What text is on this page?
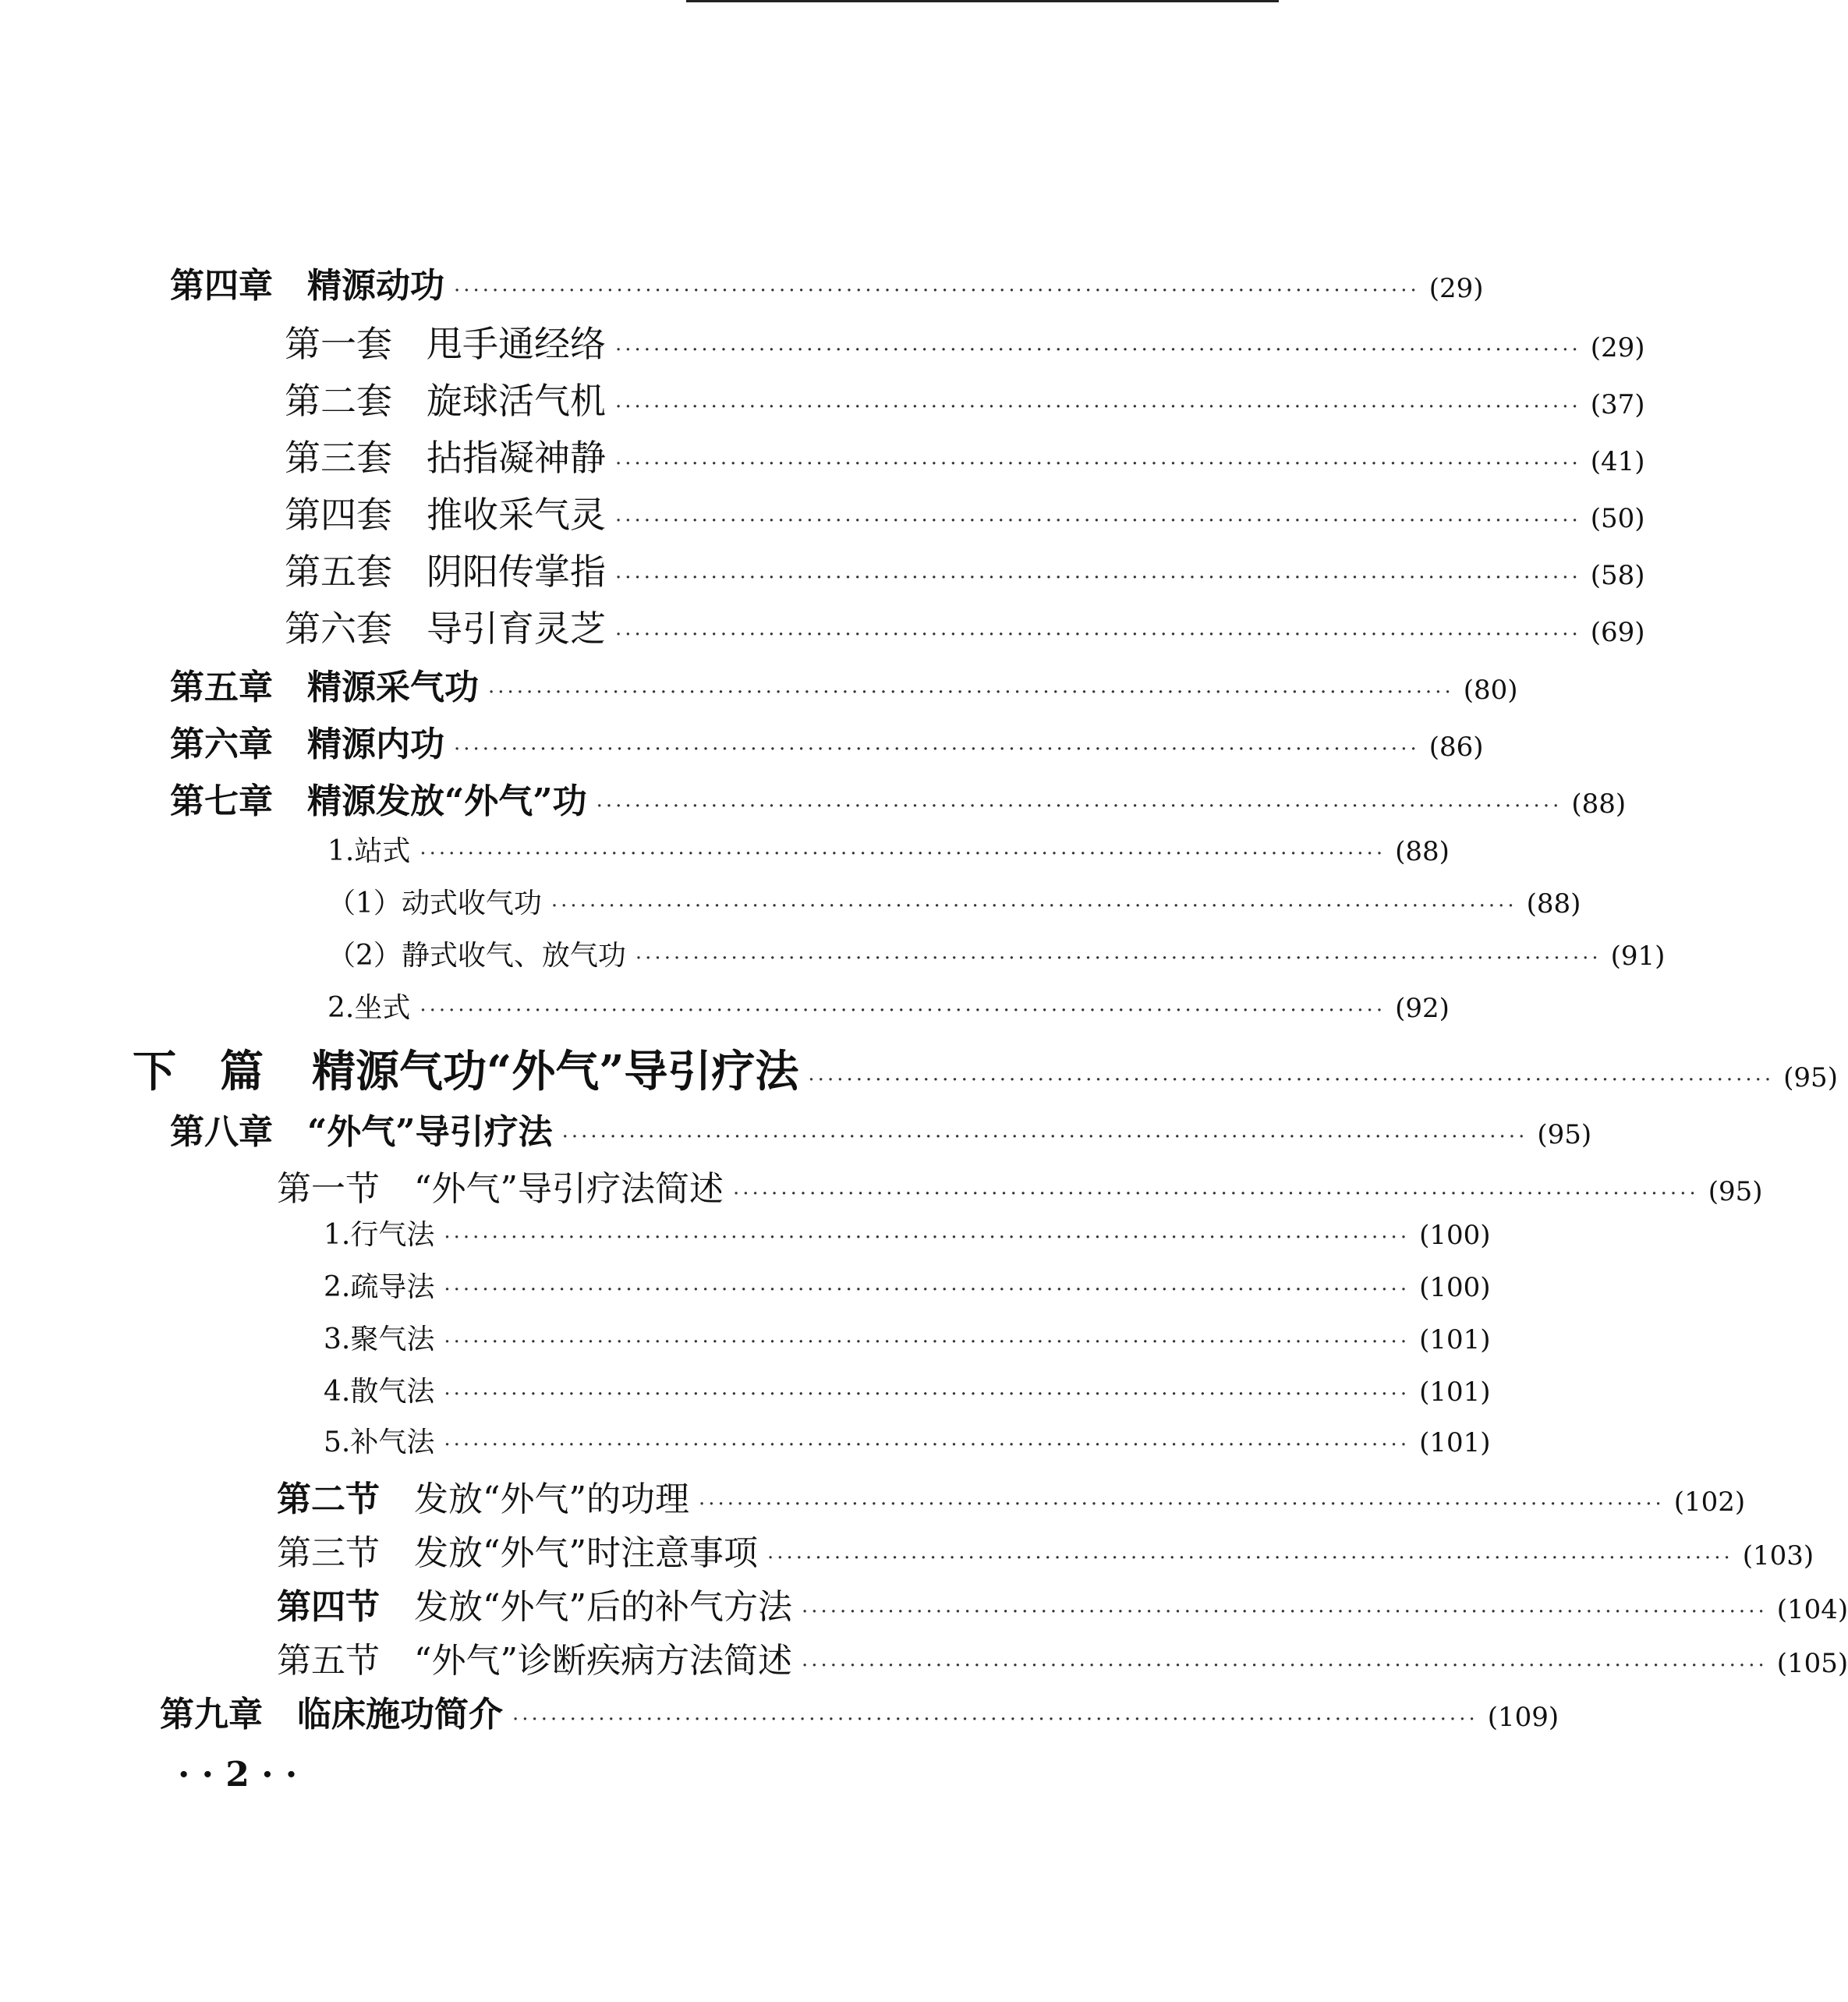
第四章 精源动功 ····································································································· ( 29 )
第一套 甩手通经络 ····································································································· ( 29 )
第二套 旋球活气机 ····································································································· ( 37 )
第三套 拈指凝神静 ····································································································· ( 41 )
第四套 推收采气灵 ····································································································· ( 50 )
第五套 阴阳传掌指 ····································································································· ( 58 )
第六套 导引育灵芝 ····································································································· ( 69 )
第五章 精源采气功 ····································································································· ( 80 )
第六章 精源内功 ····································································································· ( 86 )
第七章 精源发放“外气”功 ····································································································· ( 88 )
1.站式 ····································································································· ( 88 )
（1）动式收气功 ····································································································· ( 88 )
（2）静式收气、放气功 ····································································································· ( 91 )
2.坐式 ····································································································· ( 92 )
下　篇 精源气功“外气”导引疗法 ····································································································· ( 95 )
第八章 “外气”导引疗法 ····································································································· ( 95 )
第一节 “外气”导引疗法简述 ····································································································· ( 95 )
1.行气法 ····································································································· ( 100 )
2.疏导法 ····································································································· ( 100 )
3.聚气法 ····································································································· ( 101 )
4.散气法 ····································································································· ( 101 )
5.补气法 ····································································································· ( 101 )
第二节 发放“外气”的功理 ····································································································· ( 102 )
第三节 发放“外气”时注意事项 ····································································································· ( 103 )
第四节 发放“外气”后的补气方法 ····································································································· ( 104 )
第五节 “外气”诊断疾病方法简述 ····································································································· ( 105 )
第九章 临床施功简介 ····································································································· ( 109 )
· · 2 · ·
